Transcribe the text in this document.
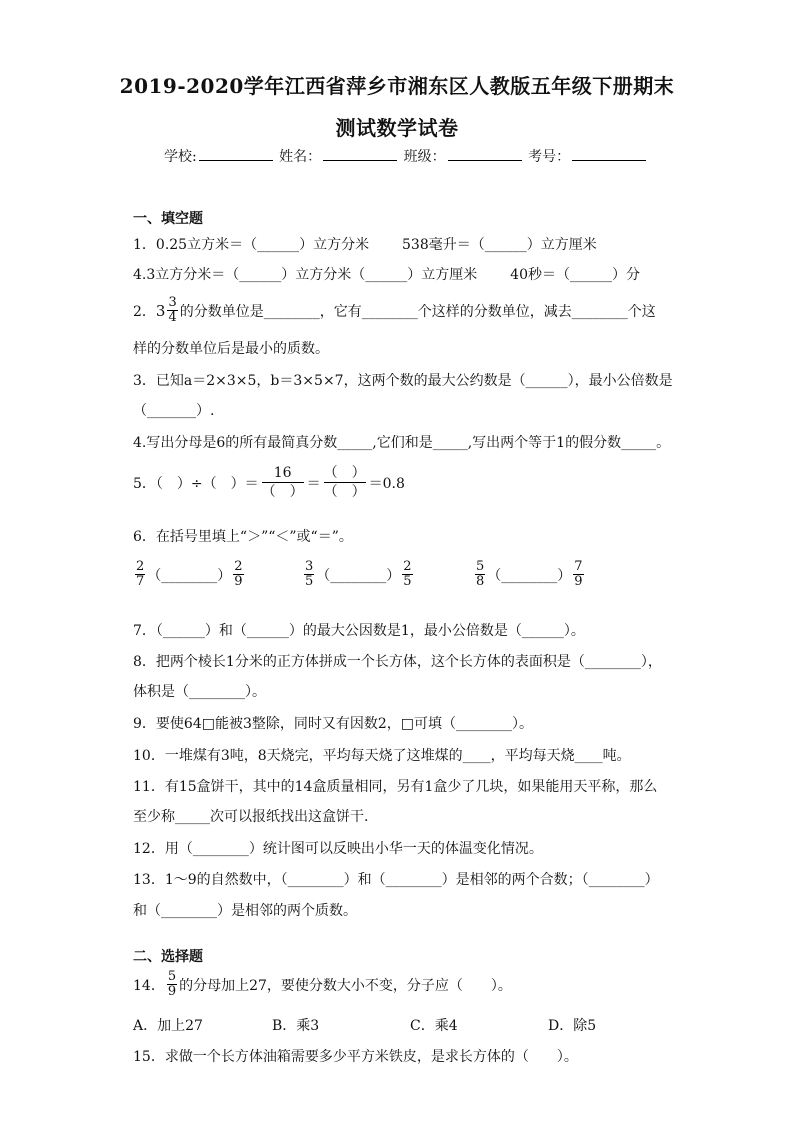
2019-2020学年江西省萍乡市湘东区人教版五年级下册期末
测试数学试卷
学校:	姓名：	班级：	考号：
一、填空题
1．0.25立方米＝（______）立方分米 538毫升＝（______）立方厘米
4.3立方分米＝（______）立方分米（______）立方厘米 40秒＝（______）分
2． $3 \frac{3}{4}$ 的分数单位是________，它有________个这样的分数单位，减去________个这
样的分数单位后是最小的质数。
3．已知a＝2×3×5，b＝3×5×7，这两个数的最大公约数是（______），最小公倍数是
（_______）.
4.写出分母是6的所有最简真分数_____,它们和是_____,写出两个等于1的假分数_____。
5．（　）÷（　）＝
16
（　）
＝
（　）
（　）
＝0.8
6．在括号里填上“＞”“＜”或“＝”。
$\frac{2}{7}$ （________） $\frac{2}{9}$	$\frac{3}{5}$ （________） $\frac{2}{5}$	$\frac{5}{8}$ （________） $\frac{7}{9}$
7．（______）和（______）的最大公因数是1，最小公倍数是（______）。
8．把两个棱长1分米的正方体拼成一个长方体，这个长方体的表面积是（________），
体积是（________）。
9．要使64□能被3整除，同时又有因数2，□可填（________）。
10．一堆煤有3吨，8天烧完，平均每天烧了这堆煤的____，平均每天烧____吨。
11．有15盒饼干，其中的14盒质量相同，另有1盒少了几块，如果能用天平称，那么
至少称_____次可以报纸找出这盒饼干.
12．用（________）统计图可以反映出小华一天的体温变化情况。
13．1～9的自然数中，（________）和（________）是相邻的两个合数；（________）
和（________）是相邻的两个质数。
二、选择题
14． $\frac{5}{9}$ 的分母加上27，要使分数大小不变，分子应（　　）。
A．加上27	B．乘3	C．乘4	D．除5
15．求做一个长方体油箱需要多少平方米铁皮，是求长方体的（　　）。
